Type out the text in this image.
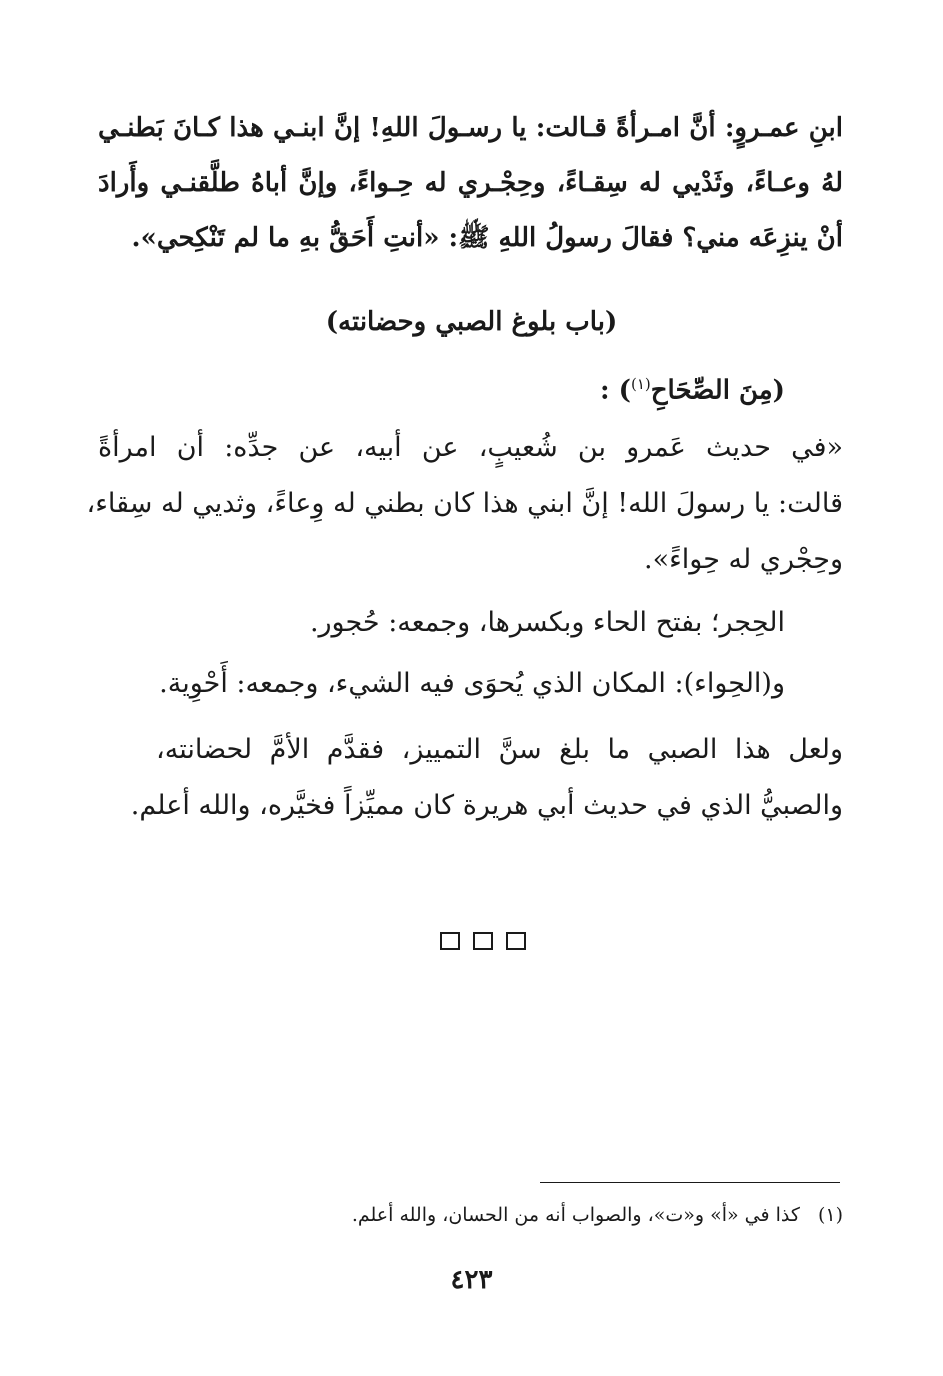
ابنِ عمـروٍ: أنَّ امـرأةً قـالت: يا رسـولَ اللهِ! إنَّ ابنـي هذا كـانَ بَطنـي
لهُ وعـاءً، وثَدْيي له سِقـاءً، وحِجْـري له حِـواءً، وإنَّ أباهُ طلَّقنـي وأَرادَ
أنْ ينزِعَه مني؟ فقالَ رسولُ اللهِ ﷺ: «أنتِ أَحَقُّ بهِ ما لم تَنْكِحي».
(باب بلوغ الصبي وحضانته)
(مِنَ الصِّحَاحِ$^{(١)}$) :
«في حديث عَمرو بن شُعيبٍ، عن أبيه، عن جدِّه: أن امرأةً
قالت: يا رسولَ الله! إنَّ ابني هذا كان بطني له وِعاءً، وثديي له سِقاء،
وحِجْري له حِواءً».
الحِجر؛ بفتح الحاء وبكسرها، وجمعه: حُجور.
و(الحِواء): المكان الذي يُحوَى فيه الشيء، وجمعه: أَحْوِية.
ولعل هذا الصبي ما بلغ سنَّ التمييز، فقدَّم الأمَّ لحضانته،
والصبيُّ الذي في حديث أبي هريرة كان مميِّزاً فخيَّره، والله أعلم.
(١)كذا في «أ» و«ت»، والصواب أنه من الحسان، والله أعلم.
٤٢٣
